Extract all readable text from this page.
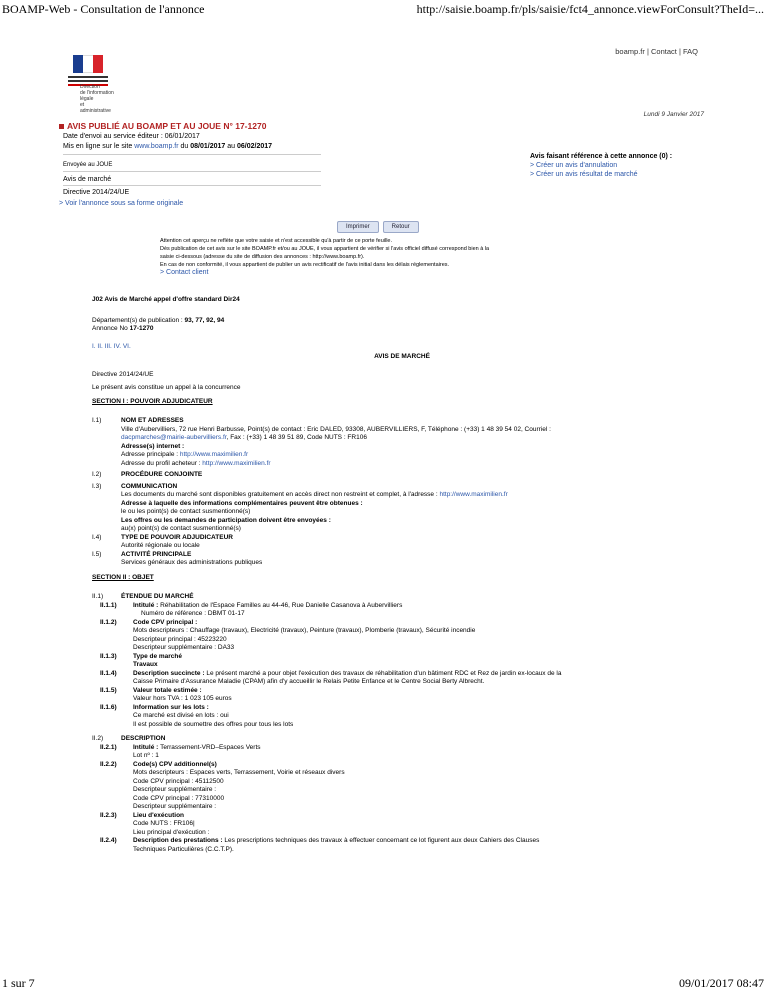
BOAMP-Web - Consultation de l'annonce	http://saisie.boamp.fr/pls/saisie/fct4_annonce.viewForConsult?TheId=...
Direction
de l'information
légale
et administrative
boamp.fr | Contact | FAQ
Lundi 9 Janvier 2017
AVIS PUBLIÉ AU BOAMP ET AU JOUE N° 17-1270
Date d'envoi au service éditeur : 06/01/2017
Mis en ligne sur le site www.boamp.fr du 08/01/2017 au 06/02/2017
Envoyée au JOUE
Avis de marché
Directive 2014/24/UE
Avis faisant référence à cette annonce (0) :
> Créer un avis d'annulation
> Créer un avis résultat de marché
> Voir l'annonce sous sa forme originale
Imprimer	Retour
Attention cet aperçu ne reflète que votre saisie et n'est accessible qu'à partir de ce porte feuille.
Dès publication de cet avis sur le site BOAMP.fr et/ou au JOUE, il vous appartient de vérifier si l'avis officiel diffusé correspond bien à la
saisie ci-dessous (adresse du site de diffusion des annonces : http://www.boamp.fr).
En cas de non conformité, il vous appartient de publier un avis rectificatif de l'avis initial dans les délais réglementaires.
> Contact client
J02 Avis de Marché appel d'offre standard Dir24
Département(s) de publication : 93, 77, 92, 94
Annonce No 17-1270
I. II. III. IV. VI.
AVIS DE MARCHÉ
Directive 2014/24/UE
Le présent avis constitue un appel à la concurrence
SECTION I : POUVOIR ADJUDICATEUR
I.1)	NOM ET ADRESSES
Ville d'Aubervilliers, 72 rue Henri Barbusse, Point(s) de contact : Eric DALED, 93308, AUBERVILLIERS, F, Téléphone : (+33) 1 48 39 54 02, Courriel :
dacpmarches@mairie-aubervilliers.fr, Fax : (+33) 1 48 39 51 89, Code NUTS : FR106
Adresse(s) internet :
Adresse principale : http://www.maximilien.fr
Adresse du profil acheteur : http://www.maximilien.fr
I.2)	PROCÉDURE CONJOINTE
I.3)	COMMUNICATION
Les documents du marché sont disponibles gratuitement en accès direct non restreint et complet, à l'adresse : http://www.maximilien.fr
Adresse à laquelle des informations complémentaires peuvent être obtenues :
le ou les point(s) de contact susmentionné(s)
Les offres ou les demandes de participation doivent être envoyées :
au(x) point(s) de contact susmentionné(s)
I.4)	TYPE DE POUVOIR ADJUDICATEUR
Autorité régionale ou locale
I.5)	ACTIVITÉ PRINCIPALE
Services généraux des administrations publiques
SECTION II : OBJET
II.1)	ÉTENDUE DU MARCHÉ
II.1.1)	Intitulé : Réhabilitation de l'Espace Familles au 44-46, Rue Danielle Casanova à Aubervilliers
Numéro de référence : DBMT 01-17
II.1.2)	Code CPV principal :
Mots descripteurs : Chauffage (travaux), Electricité (travaux), Peinture (travaux), Plomberie (travaux), Sécurité incendie
Descripteur principal : 45223220
Descripteur supplémentaire : DA33
II.1.3)	Type de marché
Travaux
II.1.4)	Description succincte : Le présent marché a pour objet l'exécution des travaux de réhabilitation d'un bâtiment RDC et Rez de jardin ex-locaux de la
Caisse Primaire d'Assurance Maladie (CPAM) afin d'y accueillir le Relais Petite Enfance et le Centre Social Berty Albrecht.
II.1.5)	Valeur totale estimée :
Valeur hors TVA : 1 023 105 euros
II.1.6)	Information sur les lots :
Ce marché est divisé en lots : oui
Il est possible de soumettre des offres pour tous les lots
II.2)	DESCRIPTION
II.2.1)	Intitulé : Terrassement-VRD–Espaces Verts
Lot nº : 1
II.2.2)	Code(s) CPV additionnel(s)
Mots descripteurs : Espaces verts, Terrassement, Voirie et réseaux divers
Code CPV principal : 45112500
Descripteur supplémentaire :
Code CPV principal : 77310000
Descripteur supplémentaire :
II.2.3)	Lieu d'exécution
Code NUTS : FR106|
Lieu principal d'exécution :
II.2.4)	Description des prestations : Les prescriptions techniques des travaux à effectuer concernant ce lot figurent aux deux Cahiers des Clauses
Techniques Particulières (C.C.T.P).
1 sur 7	09/01/2017 08:47
